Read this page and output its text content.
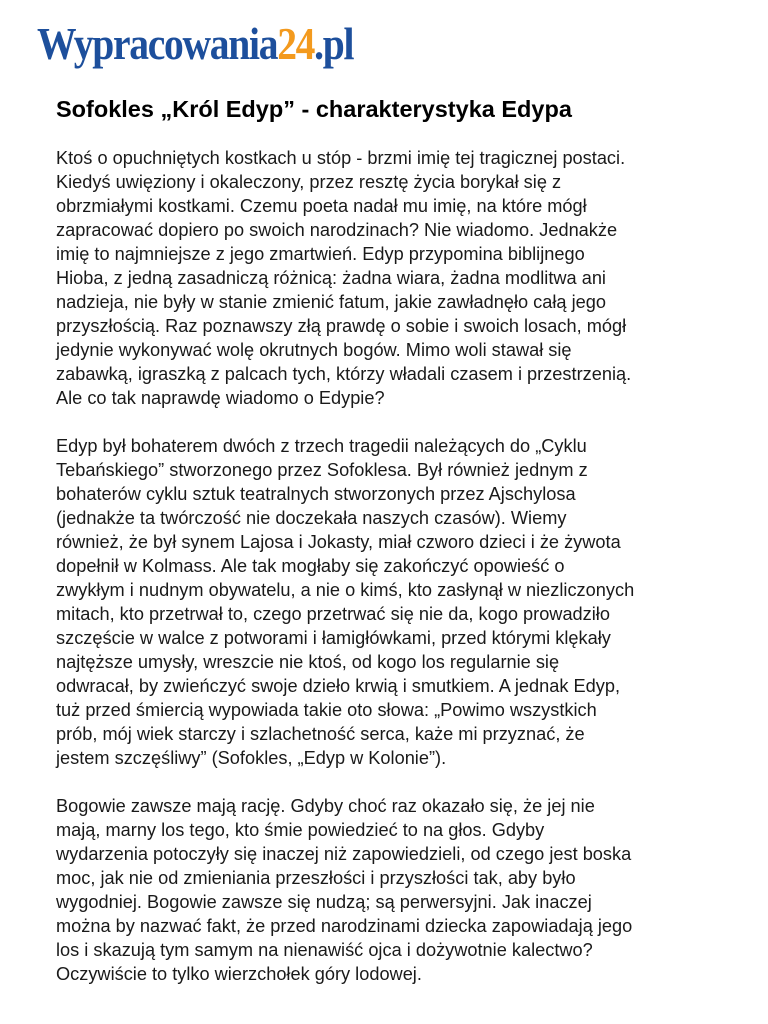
Wypracowania 24 .pl
Sofokles „Król Edyp” - charakterystyka Edypa

Ktoś o opuchniętych kostkach u stóp - brzmi imię tej tragicznej postaci.
Kiedyś uwięziony i okaleczony, przez resztę życia borykał się z
obrzmiałymi kostkami. Czemu poeta nadał mu imię, na które mógł
zapracować dopiero po swoich narodzinach? Nie wiadomo. Jednakże
imię to najmniejsze z jego zmartwień. Edyp przypomina biblijnego
Hioba, z jedną zasadniczą różnicą: żadna wiara, żadna modlitwa ani
nadzieja, nie były w stanie zmienić fatum, jakie zawładnęło całą jego
przyszłością. Raz poznawszy złą prawdę o sobie i swoich losach, mógł
jedynie wykonywać wolę okrutnych bogów. Mimo woli stawał się
zabawką, igraszką z palcach tych, którzy władali czasem i przestrzenią.
Ale co tak naprawdę wiadomo o Edypie?

Edyp był bohaterem dwóch z trzech tragedii należących do „Cyklu
Tebańskiego” stworzonego przez Sofoklesa. Był również jednym z
bohaterów cyklu sztuk teatralnych stworzonych przez Ajschylosa
(jednakże ta twórczość nie doczekała naszych czasów). Wiemy
również, że był synem Lajosa i Jokasty, miał czworo dzieci i że żywota
dopełnił w Kolmass. Ale tak mogłaby się zakończyć opowieść o
zwykłym i nudnym obywatelu, a nie o kimś, kto zasłynął w niezliczonych
mitach, kto przetrwał to, czego przetrwać się nie da, kogo prowadziło
szczęście w walce z potworami i łamigłówkami, przed którymi klękały
najtęższe umysły, wreszcie nie ktoś, od kogo los regularnie się
odwracał, by zwieńczyć swoje dzieło krwią i smutkiem. A jednak Edyp,
tuż przed śmiercią wypowiada takie oto słowa: „Powimo wszystkich
prób, mój wiek starczy i szlachetność serca, każe mi przyznać, że
jestem szczęśliwy” (Sofokles, „Edyp w Kolonie”).

Bogowie zawsze mają rację. Gdyby choć raz okazało się, że jej nie
mają, marny los tego, kto śmie powiedzieć to na głos. Gdyby
wydarzenia potoczyły się inaczej niż zapowiedzieli, od czego jest boska
moc, jak nie od zmieniania przeszłości i przyszłości tak, aby było
wygodniej. Bogowie zawsze się nudzą; są perwersyjni. Jak inaczej
można by nazwać fakt, że przed narodzinami dziecka zapowiadają jego
los i skazują tym samym na nienawiść ojca i dożywotnie kalectwo?
Oczywiście to tylko wierzchołek góry lodowej.
